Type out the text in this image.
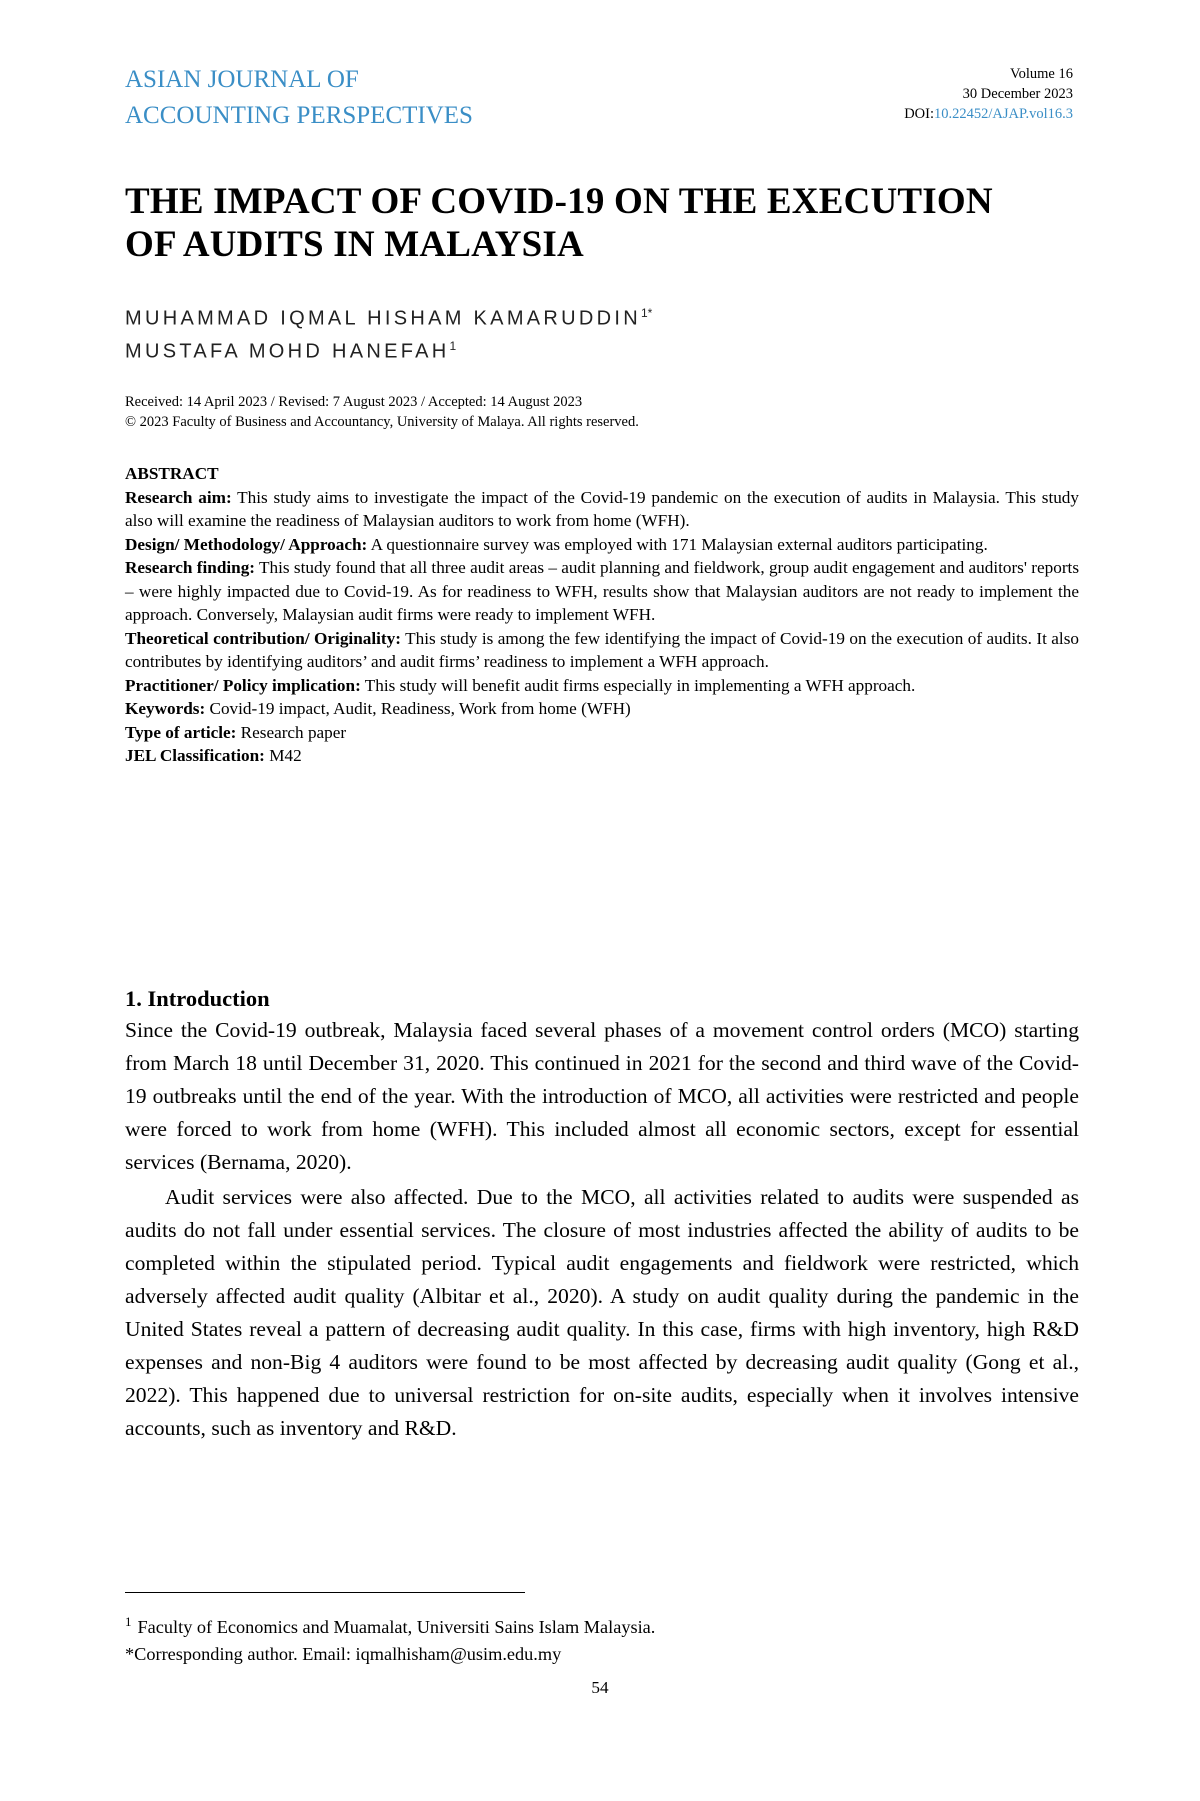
ASIAN JOURNAL OF
ACCOUNTING PERSPECTIVES
Volume 16
30 December 2023
DOI:10.22452/AJAP.vol16.3
THE IMPACT OF COVID-19 ON THE EXECUTION
OF AUDITS IN MALAYSIA
MUHAMMAD IQMAL HISHAM $KAMARUDDIN^{1*}$
MUSTAFA MOHD HANEFAH$^1$
Received: 14 April 2023 / Revised: 7 August 2023 / Accepted: 14 August 2023
© 2023 Faculty of Business and Accountancy, University of Malaya. All rights reserved.

ABSTRACT

Research aim: This study aims to investigate the impact of the Covid-19 pandemic on the execution of audits in Malaysia. This study also will examine the readiness of Malaysian auditors to work from home (WFH).

Design/ Methodology/ Approach: A questionnaire survey was employed with 171 Malaysian external auditors participating.

Research finding: This study found that all three audit areas – audit planning and fieldwork, group audit engagement and auditors' reports – were highly impacted due to Covid-19. As for readiness to WFH, results show that Malaysian auditors are not ready to implement the approach. Conversely, Malaysian audit firms were ready to implement WFH.

Theoretical contribution/ Originality: This study is among the few identifying the impact of Covid-19 on the execution of audits. It also contributes by identifying auditors’ and audit firms’ readiness to implement a WFH approach.

Practitioner/ Policy implication: This study will benefit audit firms especially in implementing a WFH approach.

Keywords: Covid-19 impact, Audit, Readiness, Work from home (WFH)

Type of article: Research paper

JEL Classification: M42

1. Introduction

Since the Covid-19 outbreak, Malaysia faced several phases of a movement control orders (MCO) starting from March 18 until December 31, 2020. This continued in 2021 for the second and third wave of the Covid-19 outbreaks until the end of the year. With the introduction of MCO, all activities were restricted and people were forced to work from home (WFH). This included almost all economic sectors, except for essential services (Bernama, 2020).

Audit services were also affected. Due to the MCO, all activities related to audits were suspended as audits do not fall under essential services. The closure of most industries affected the ability of audits to be completed within the stipulated period. Typical audit engagements and fieldwork were restricted, which adversely affected audit quality (Albitar et al., 2020). A study on audit quality during the pandemic in the United States reveal a pattern of decreasing audit quality. In this case, firms with high inventory, high R&D expenses and non-Big 4 auditors were found to be most affected by decreasing audit quality (Gong et al., 2022). This happened due to universal restriction for on-site audits, especially when it involves intensive accounts, such as inventory and R&D.

$^1$ Faculty of Economics and Muamalat, Universiti Sains Islam Malaysia.
*Corresponding author. Email: iqmalhisham@usim.edu.my
54
